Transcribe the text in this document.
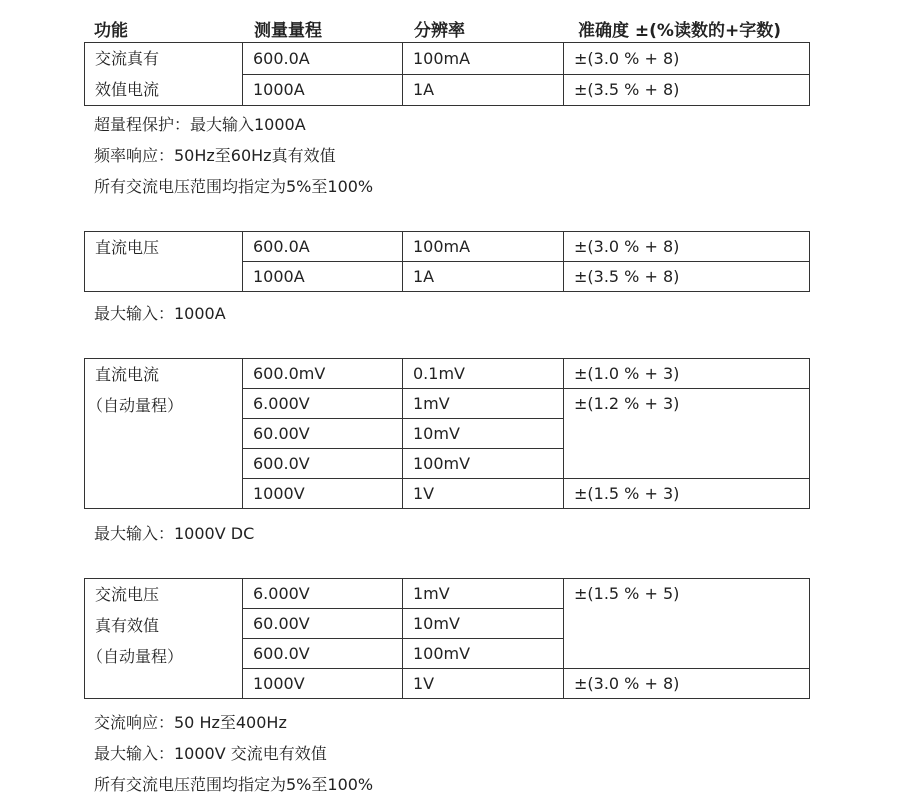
功能	测量量程	分辨率	准确度 ±(%读数的+字数)
交流真有
效值电流	600.0A	100mA	±(3.0 % + 8)
	1000A	1A	±(3.5 % + 8)
超量程保护：最大输入1000A
频率响应：50Hz至60Hz真有效值
所有交流电压范围均指定为5%至100%
直流电压	600.0A	100mA	±(3.0 % + 8)
	1000A	1A	±(3.5 % + 8)
最大输入：1000A
直流电流
（自动量程）	600.0mV	0.1mV	±(1.0 % + 3)
	6.000V	1mV	±(1.2 % + 3)
	60.00V	10mV	
	600.0V	100mV	
	1000V	1V	±(1.5 % + 3)
最大输入：1000V DC
交流电压
真有效值
（自动量程）	6.000V	1mV	±(1.5 % + 5)
	60.00V	10mV	
	600.0V	100mV	
	1000V	1V	±(3.0 % + 8)
交流响应：50 Hz至400Hz
最大输入：1000V 交流电有效值
所有交流电压范围均指定为5%至100%
